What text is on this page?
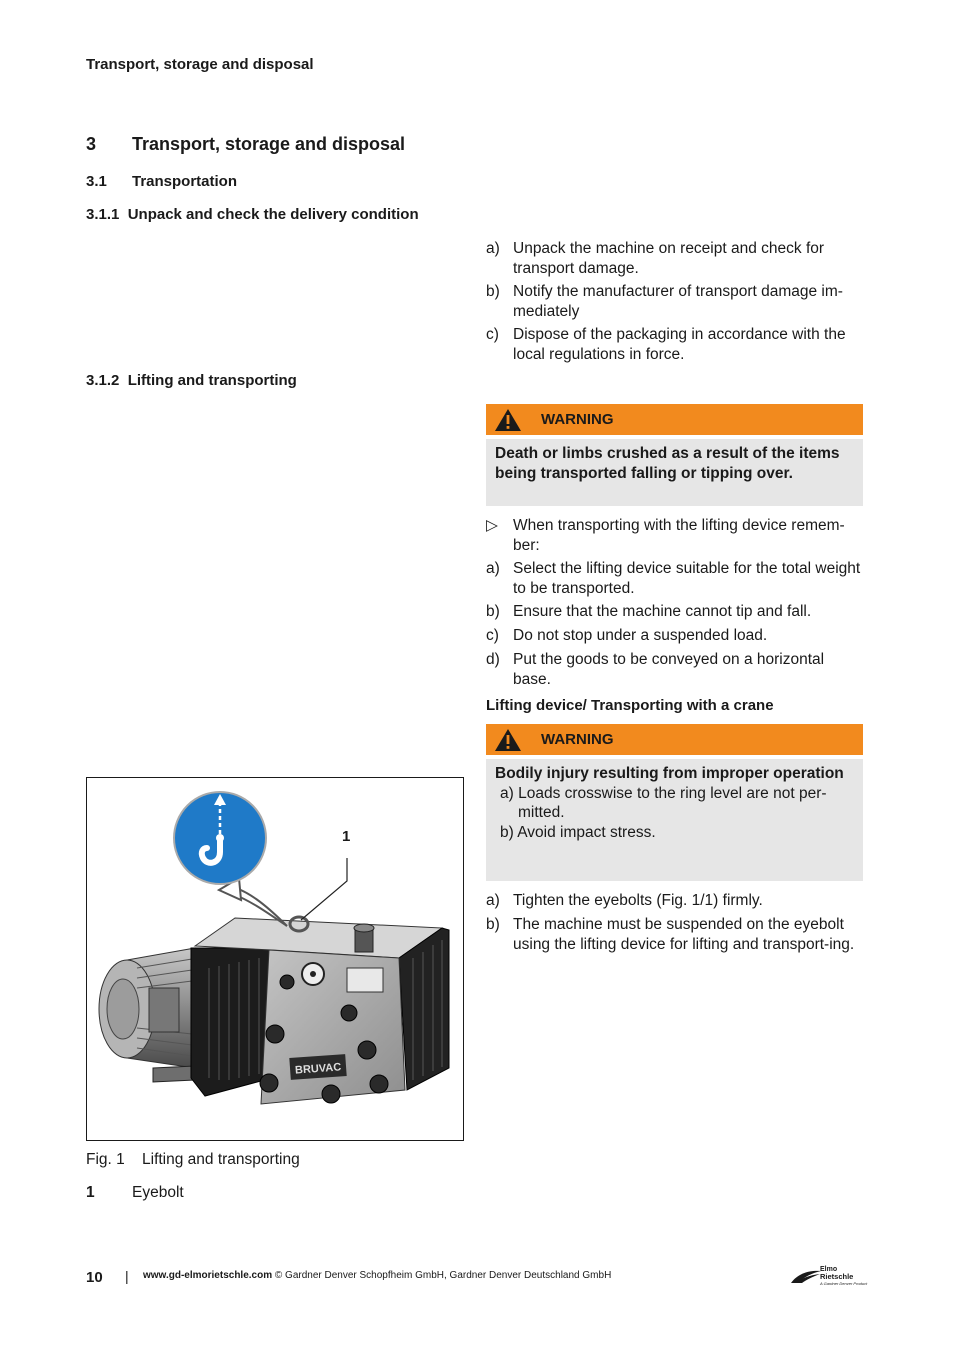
Transport, storage and disposal
3 Transport, storage and disposal
3.1 Transportation
3.1.1  Unpack and check the delivery condition
a) Unpack the machine on receipt and check for transport damage.
b) Notify the manufacturer of transport damage im-mediately
c) Dispose of the packaging in accordance with the local regulations in force.
3.1.2  Lifting and transporting
WARNING
Death or limbs crushed as a result of the items being transported falling or tipping over.
▷ When transporting with the lifting device remem-ber:
a) Select the lifting device suitable for the total weight to be transported.
b) Ensure that the machine cannot tip and fall.
c) Do not stop under a suspended load.
d) Put the goods to be conveyed on a horizontal base.
Lifting device/ Transporting with a crane
WARNING
Bodily injury resulting from improper operation
a) Loads crosswise to the ring level are not per-
mitted.
b) Avoid impact stress.
a) Tighten the eyebolts (Fig. 1/1) firmly.
b) The machine must be suspended on the eyebolt using the lifting device for lifting and transport-ing.
BRUVAC
1
Fig. 1 Lifting and transporting
1 Eyebolt
10 | www.gd-elmorietschle.com © Gardner Denver Schopfheim GmbH, Gardner Denver Deutschland GmbH
Elmo
Rietschle
A Gardner Denver Product
